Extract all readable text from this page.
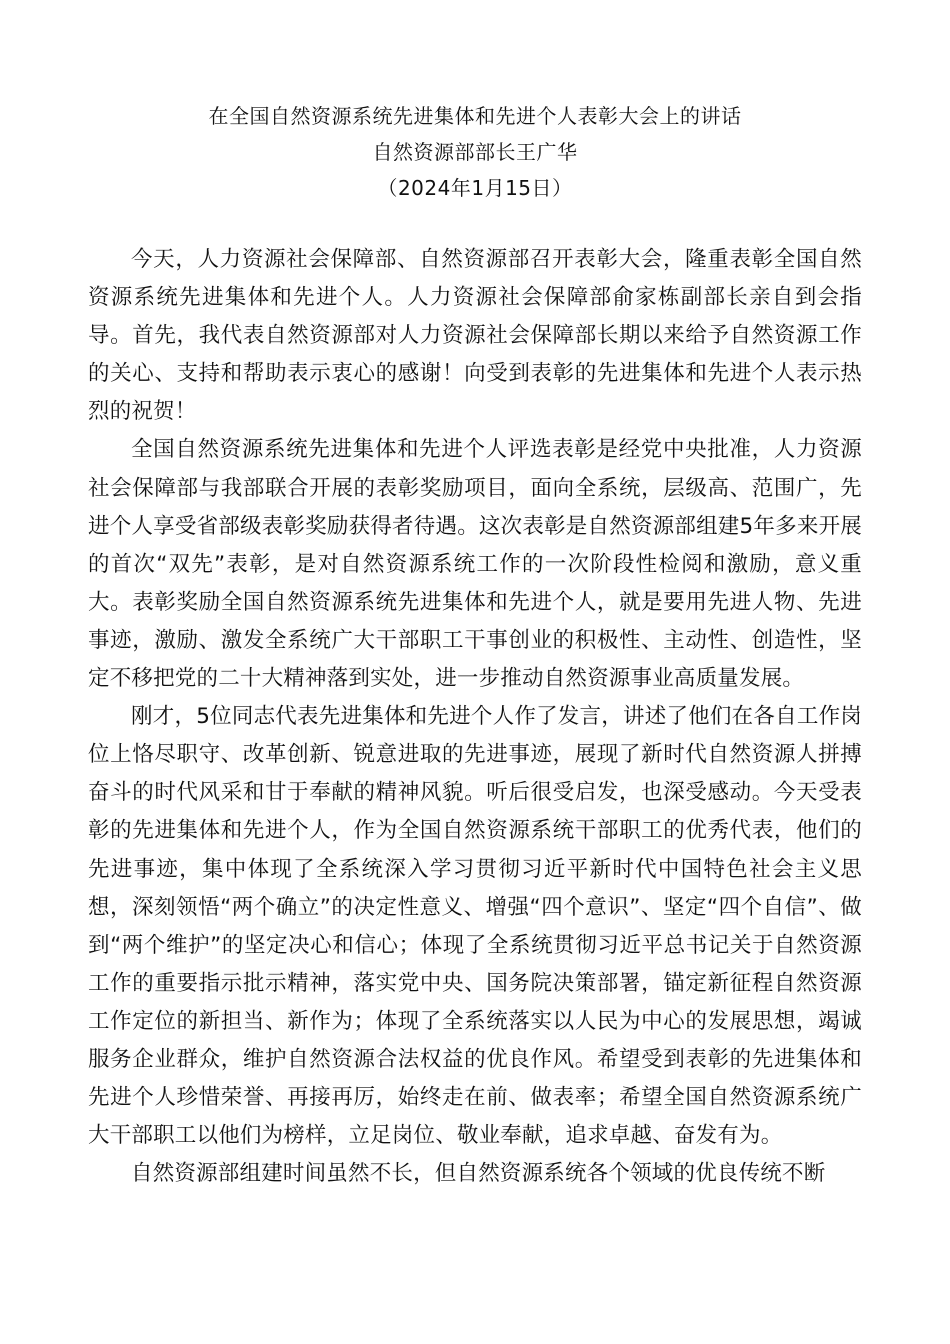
在全国自然资源系统先进集体和先进个人表彰大会上的讲话

自然资源部部长王广华

（2024年1月15日）

今天，人力资源社会保障部、自然资源部召开表彰大会，隆重表彰全国自然资源系统先进集体和先进个人。人力资源社会保障部俞家栋副部长亲自到会指导。首先，我代表自然资源部对人力资源社会保障部长期以来给予自然资源工作的关心、支持和帮助表示衷心的感谢！向受到表彰的先进集体和先进个人表示热烈的祝贺！

全国自然资源系统先进集体和先进个人评选表彰是经党中央批准，人力资源社会保障部与我部联合开展的表彰奖励项目，面向全系统，层级高、范围广，先进个人享受省部级表彰奖励获得者待遇。这次表彰是自然资源部组建5年多来开展的首次“双先”表彰，是对自然资源系统工作的一次阶段性检阅和激励，意义重大。表彰奖励全国自然资源系统先进集体和先进个人，就是要用先进人物、先进事迹，激励、激发全系统广大干部职工干事创业的积极性、主动性、创造性，坚定不移把党的二十大精神落到实处，进一步推动自然资源事业高质量发展。

刚才，5位同志代表先进集体和先进个人作了发言，讲述了他们在各自工作岗位上恪尽职守、改革创新、锐意进取的先进事迹，展现了新时代自然资源人拼搏奋斗的时代风采和甘于奉献的精神风貌。听后很受启发，也深受感动。今天受表彰的先进集体和先进个人，作为全国自然资源系统干部职工的优秀代表，他们的先进事迹，集中体现了全系统深入学习贯彻习近平新时代中国特色社会主义思想，深刻领悟“两个确立”的决定性意义、增强“四个意识”、坚定“四个自信”、做到“两个维护”的坚定决心和信心；体现了全系统贯彻习近平总书记关于自然资源工作的重要指示批示精神，落实党中央、国务院决策部署，锚定新征程自然资源工作定位的新担当、新作为；体现了全系统落实以人民为中心的发展思想，竭诚服务企业群众，维护自然资源合法权益的优良作风。希望受到表彰的先进集体和先进个人珍惜荣誉、再接再厉，始终走在前、做表率；希望全国自然资源系统广大干部职工以他们为榜样，立足岗位、敬业奉献，追求卓越、奋发有为。

自然资源部组建时间虽然不长，但自然资源系统各个领域的优良传统不断
